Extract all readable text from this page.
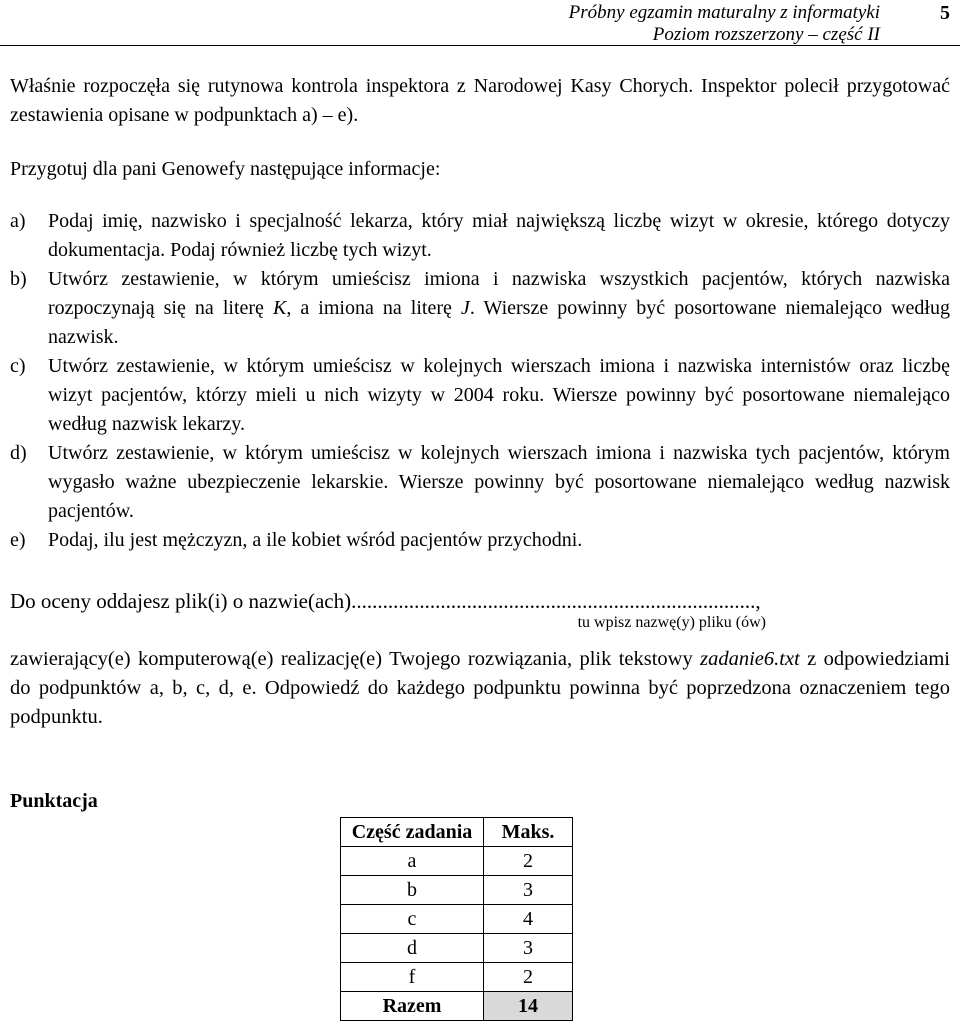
Próbny egzamin maturalny z informatyki
Poziom rozszerzony – część II
5
Właśnie rozpoczęła się rutynowa kontrola inspektora z Narodowej Kasy Chorych. Inspektor polecił przygotować zestawienia opisane w podpunktach a) – e).
Przygotuj dla pani Genowefy następujące informacje:
a) Podaj imię, nazwisko i specjalność lekarza, który miał największą liczbę wizyt w okresie, którego dotyczy dokumentacja. Podaj również liczbę tych wizyt.
b) Utwórz zestawienie, w którym umieścisz imiona i nazwiska wszystkich pacjentów, których nazwiska rozpoczynają się na literę K, a imiona na literę J. Wiersze powinny być posortowane niemalejąco według nazwisk.
c) Utwórz zestawienie, w którym umieścisz w kolejnych wierszach imiona i nazwiska internistów oraz liczbę wizyt pacjentów, którzy mieli u nich wizyty w 2004 roku. Wiersze powinny być posortowane niemalejąco według nazwisk lekarzy.
d) Utwórz zestawienie, w którym umieścisz w kolejnych wierszach imiona i nazwiska tych pacjentów, którym wygasło ważne ubezpieczenie lekarskie. Wiersze powinny być posortowane niemalejąco według nazwisk pacjentów.
e) Podaj, ilu jest mężczyzn, a ile kobiet wśród pacjentów przychodni.
Do oceny oddajesz plik(i) o nazwie(ach).............................................................................,
tu wpisz nazwę(y) pliku (ów)
zawierający(e) komputerową(e) realizację(e) Twojego rozwiązania, plik tekstowy zadanie6.txt z odpowiedziami do podpunktów a, b, c, d, e. Odpowiedź do każdego podpunktu powinna być poprzedzona oznaczeniem tego podpunktu.
Punktacja
Część zadania	Maks.
a	2
b	3
c	4
d	3
f	2
Razem	14
